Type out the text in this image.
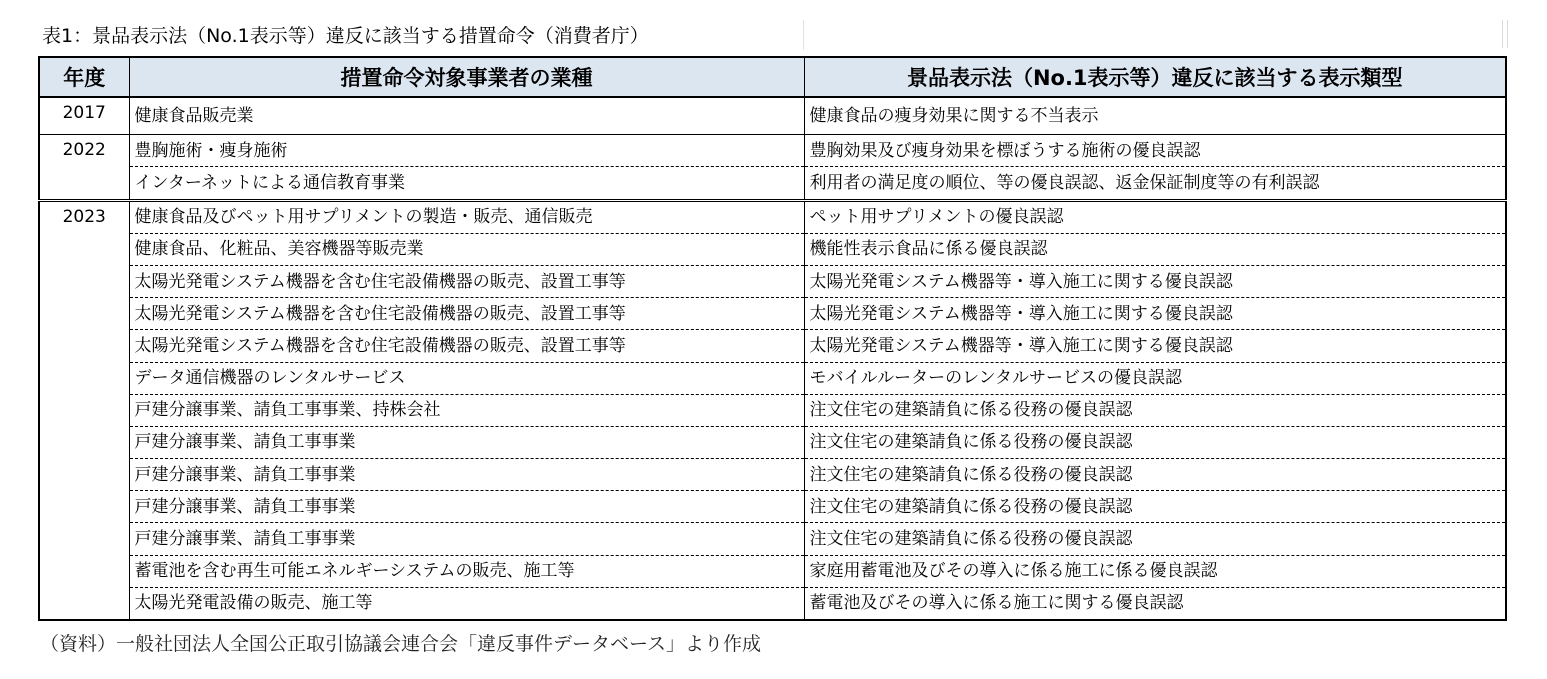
表1：景品表示法（No.1表示等）違反に該当する措置命令（消費者庁）
年度	措置命令対象事業者の業種	景品表示法（No.1表示等）違反に該当する表示類型
2017	健康食品販売業	健康食品の痩身効果に関する不当表示
2022	豊胸施術・痩身施術	豊胸効果及び痩身効果を標ぼうする施術の優良誤認
	インターネットによる通信教育事業	利用者の満足度の順位、等の優良誤認、返金保証制度等の有利誤認
2023	健康食品及びペット用サプリメントの製造・販売、通信販売	ペット用サプリメントの優良誤認
	健康食品、化粧品、美容機器等販売業	機能性表示食品に係る優良誤認
	太陽光発電システム機器を含む住宅設備機器の販売、設置工事等	太陽光発電システム機器等・導入施工に関する優良誤認
	太陽光発電システム機器を含む住宅設備機器の販売、設置工事等	太陽光発電システム機器等・導入施工に関する優良誤認
	太陽光発電システム機器を含む住宅設備機器の販売、設置工事等	太陽光発電システム機器等・導入施工に関する優良誤認
	データ通信機器のレンタルサービス	モバイルルーターのレンタルサービスの優良誤認
	戸建分譲事業、請負工事事業、持株会社	注文住宅の建築請負に係る役務の優良誤認
	戸建分譲事業、請負工事事業	注文住宅の建築請負に係る役務の優良誤認
	戸建分譲事業、請負工事事業	注文住宅の建築請負に係る役務の優良誤認
	戸建分譲事業、請負工事事業	注文住宅の建築請負に係る役務の優良誤認
	戸建分譲事業、請負工事事業	注文住宅の建築請負に係る役務の優良誤認
	蓄電池を含む再生可能エネルギーシステムの販売、施工等	家庭用蓄電池及びその導入に係る施工に係る優良誤認
	太陽光発電設備の販売、施工等	蓄電池及びその導入に係る施工に関する優良誤認
（資料）一般社団法人全国公正取引協議会連合会「違反事件データベース」より作成
